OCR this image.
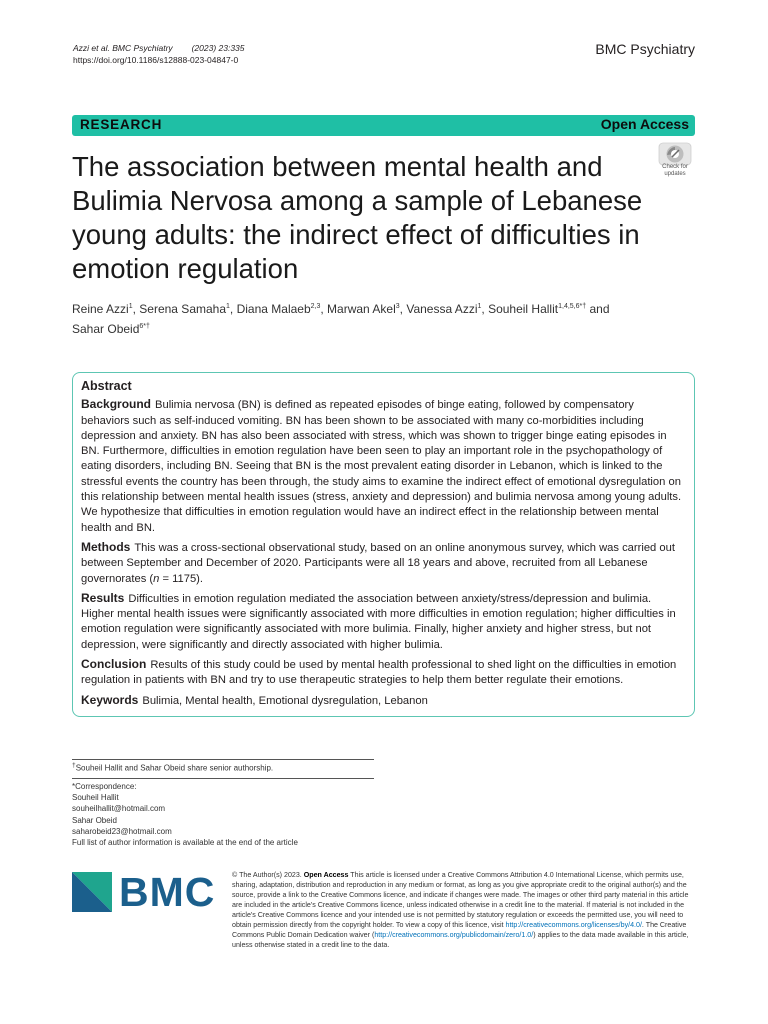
Azzi et al. BMC Psychiatry (2023) 23:335
https://doi.org/10.1186/s12888-023-04847-0
BMC Psychiatry
RESEARCH	Open Access
The association between mental health and Bulimia Nervosa among a sample of Lebanese young adults: the indirect effect of difficulties in emotion regulation
Check for
updates
Reine Azzi$^1$, Serena Samaha$^1$, Diana Malaeb$^{2,3}$, Marwan Akel$^3$, Vanessa Azzi$^1$, Souheil Hallit$^{1,4,5,6*\dagger}$ and
Sahar Obeid$^{6*\dagger}$
Abstract

Background Bulimia nervosa (BN) is defined as repeated episodes of binge eating, followed by compensatory behaviors such as self-induced vomiting. BN has been shown to be associated with many co-morbidities including depression and anxiety. BN has also been associated with stress, which was shown to trigger binge eating episodes in BN. Furthermore, difficulties in emotion regulation have been seen to play an important role in the psychopathology of eating disorders, including BN. Seeing that BN is the most prevalent eating disorder in Lebanon, which is linked to the stressful events the country has been through, the study aims to examine the indirect effect of emotional dysregulation on this relationship between mental health issues (stress, anxiety and depression) and bulimia nervosa among young adults. We hypothesize that difficulties in emotion regulation would have an indirect effect in the relationship between mental health and BN.

Methods This was a cross-sectional observational study, based on an online anonymous survey, which was carried out between September and December of 2020. Participants were all 18 years and above, recruited from all Lebanese governorates (n = 1175).

Results Difficulties in emotion regulation mediated the association between anxiety/stress/depression and bulimia. Higher mental health issues were significantly associated with more difficulties in emotion regulation; higher difficulties in emotion regulation were significantly associated with more bulimia. Finally, higher anxiety and higher stress, but not depression, were significantly and directly associated with higher bulimia.

Conclusion Results of this study could be used by mental health professional to shed light on the difficulties in emotion regulation in patients with BN and try to use therapeutic strategies to help them better regulate their emotions.

Keywords Bulimia, Mental health, Emotional dysregulation, Lebanon

†Souheil Hallit and Sahar Obeid share senior authorship.
*Correspondence:
Souheil Hallit
souheilhallit@hotmail.com
Sahar Obeid
saharobeid23@hotmail.com
Full list of author information is available at the end of the article
BMC © The Author(s) 2023. Open Access This article is licensed under a Creative Commons Attribution 4.0 International License, which permits use, sharing, adaptation, distribution and reproduction in any medium or format, as long as you give appropriate credit to the original author(s) and the source, provide a link to the Creative Commons licence, and indicate if changes were made. The images or other third party material in this article are included in the article's Creative Commons licence, unless indicated otherwise in a credit line to the material. If material is not included in the article's Creative Commons licence and your intended use is not permitted by statutory regulation or exceeds the permitted use, you will need to obtain permission directly from the copyright holder. To view a copy of this licence, visit http://creativecommons.org/licenses/by/4.0/. The Creative Commons Public Domain Dedication waiver (http://creativecommons.org/publicdomain/zero/1.0/) applies to the data made available in this article, unless otherwise stated in a credit line to the data.
